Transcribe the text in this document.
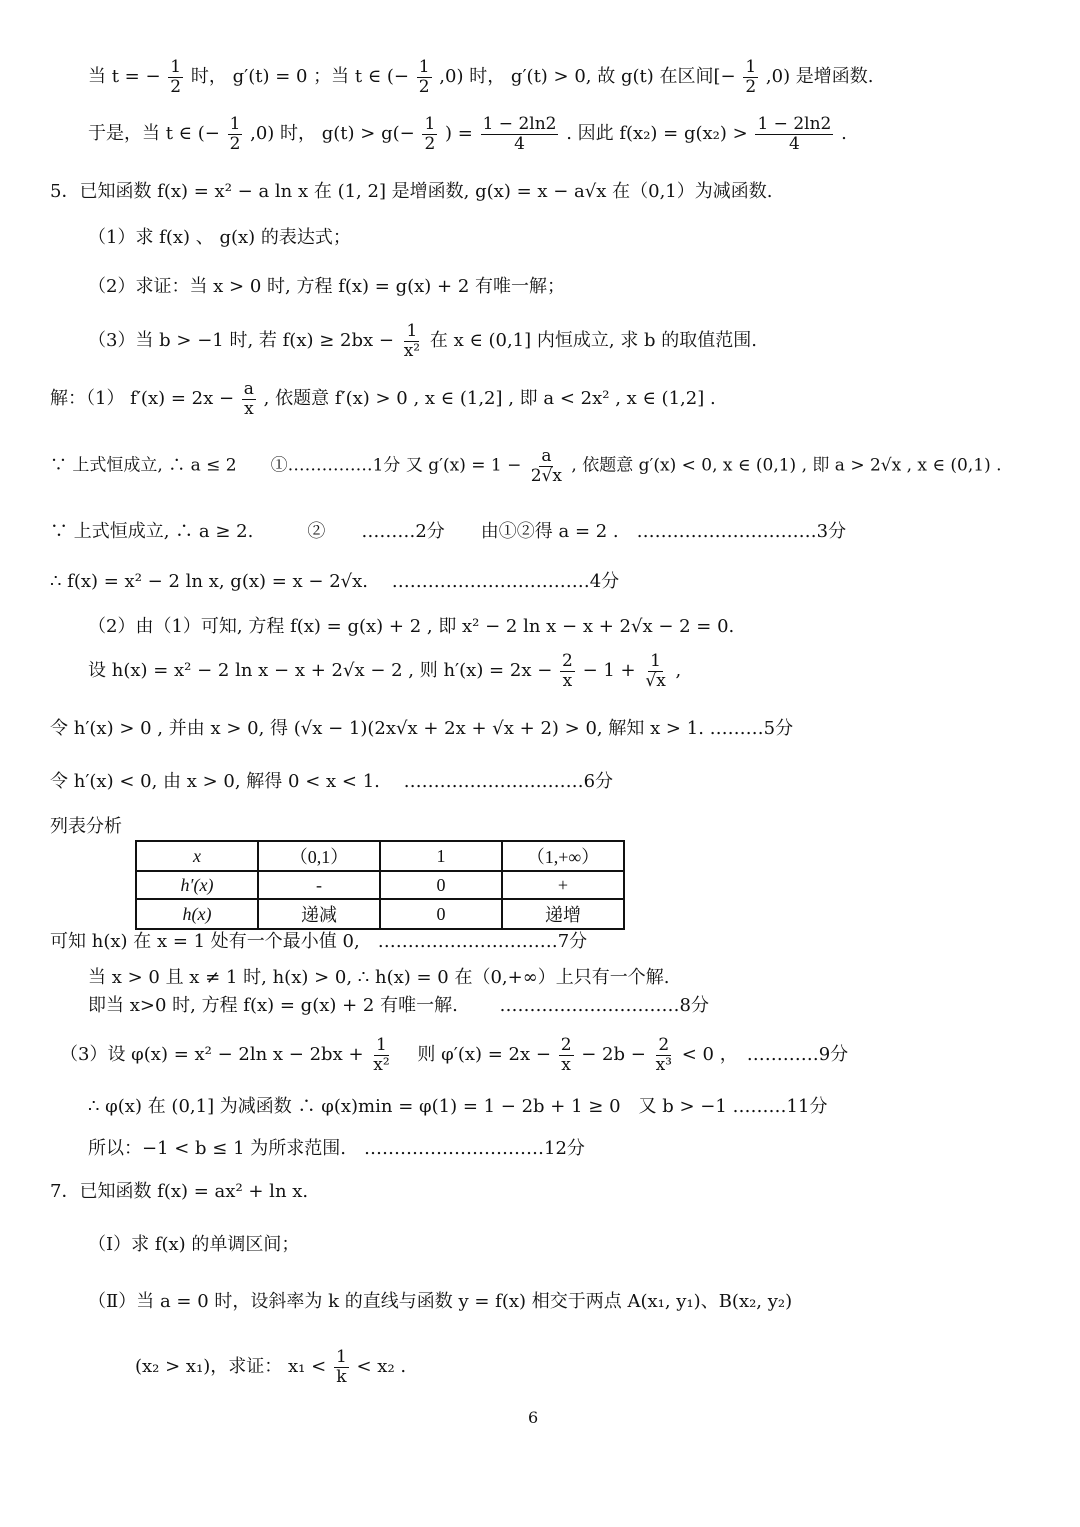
当 t = − $\frac{1}{2}$ 时， g′(t) = 0 ；当 t ∈ (− $\frac{1}{2} ,0$) 时， g′(t) > 0, 故 g(t) 在区间[− $\frac{1}{2} ,0$) 是增函数.
于是，当 t ∈ (− $\frac{1}{2} ,0$) 时， $g(t) > g(- \frac{1}{2}$ ) = $\frac{1 - 2\ln 2}{4}$ . 因此 $f(x_2) = g(x_2) > \frac{1 - 2\ln 2}{4}$ .
5．已知函数 f(x) = x² − a ln x 在 (1, 2] 是增函数, g(x) = x − a√x 在（0,1）为减函数.
（1）求 f(x) 、 g(x) 的表达式；
（2）求证：当 x > 0 时, 方程 f(x) = g(x) + 2 有唯一解；
（3）当 b > −1 时, 若 $f(x) \ge 2bx - \frac{1}{\text{x²}}$ 在 x ∈ (0,1] 内恒成立, 求 b 的取值范围.
解：（1） $f'(x) = 2x - \frac{a}{x}$ , 依题意 f′(x) > 0 , x ∈ (1,2] , 即 a < 2x² , x ∈ (1,2] .
∵ 上式恒成立, ∴ a ≤ 2　　①……………1分 又 $g'(x) = 1 - \frac{a}{2√x}$ , 依题意 g′(x) < 0, x ∈ (0,1) , 即 a > 2√x , x ∈ (0,1) .
∵ 上式恒成立, ∴ a ≥ 2.　　　②　　………2分　　由①②得 a = 2 .　…………………………3分
∴ f(x) = x² − 2 ln x, g(x) = x − 2√x.　 ……………………………4分
（2）由（1）可知, 方程 f(x) = g(x) + 2 , 即 x² − 2 ln x − x + 2√x − 2 = 0.
设 h(x) = x² − 2 ln x − x + 2√x − 2 , 则 $h'(x) = 2x - \frac{2}{x} - 1 + \frac{1}{√x}$ ,
令 h′(x) > 0 , 并由 x > 0, 得 (√x − 1)(2x√x + 2x + √x + 2) > 0, 解知 x > 1. ………5分
令 h′(x) < 0, 由 x > 0, 解得 0 < x < 1.　 …………………………6分
列表分析
x	（0,1）	1	（1,+∞）
h′(x)	-	0	+
h(x)	递减	0	递增
可知 h(x) 在 x = 1 处有一个最小值 0,　…………………………7分
当 x > 0 且 x ≠ 1 时, h(x) > 0, ∴ h(x) = 0 在（0,+∞）上只有一个解.
即当 x>0 时, 方程 f(x) = g(x) + 2 有唯一解.　　 …………………………8分
（3）设 φ(x) = x² − 2ln $x - 2bx + \frac{1}{\text{x²}}$ 　则 $\varphi'(x) = 2x - \frac{2}{x} - 2b - \frac{2}{\text{x³}} < 0$ ，　…………9分
∴ φ(x) 在 (0,1] 为减函数 ∴ φ(x)min = φ(1) = 1 − 2b + 1 ≥ 0　又 b > −1 ………11分
所以：−1 < b ≤ 1 为所求范围.　…………………………12分
7．已知函数 f(x) = ax² + ln x.
（Ⅰ）求 f(x) 的单调区间；
（Ⅱ）当 a = 0 时，设斜率为 k 的直线与函数 y = f(x) 相交于两点 A(x₁, y₁)、B(x₂, y₂)
(x₂ > x₁)，求证： $x_1 < \frac{1}{k} < x_2$ .
6
